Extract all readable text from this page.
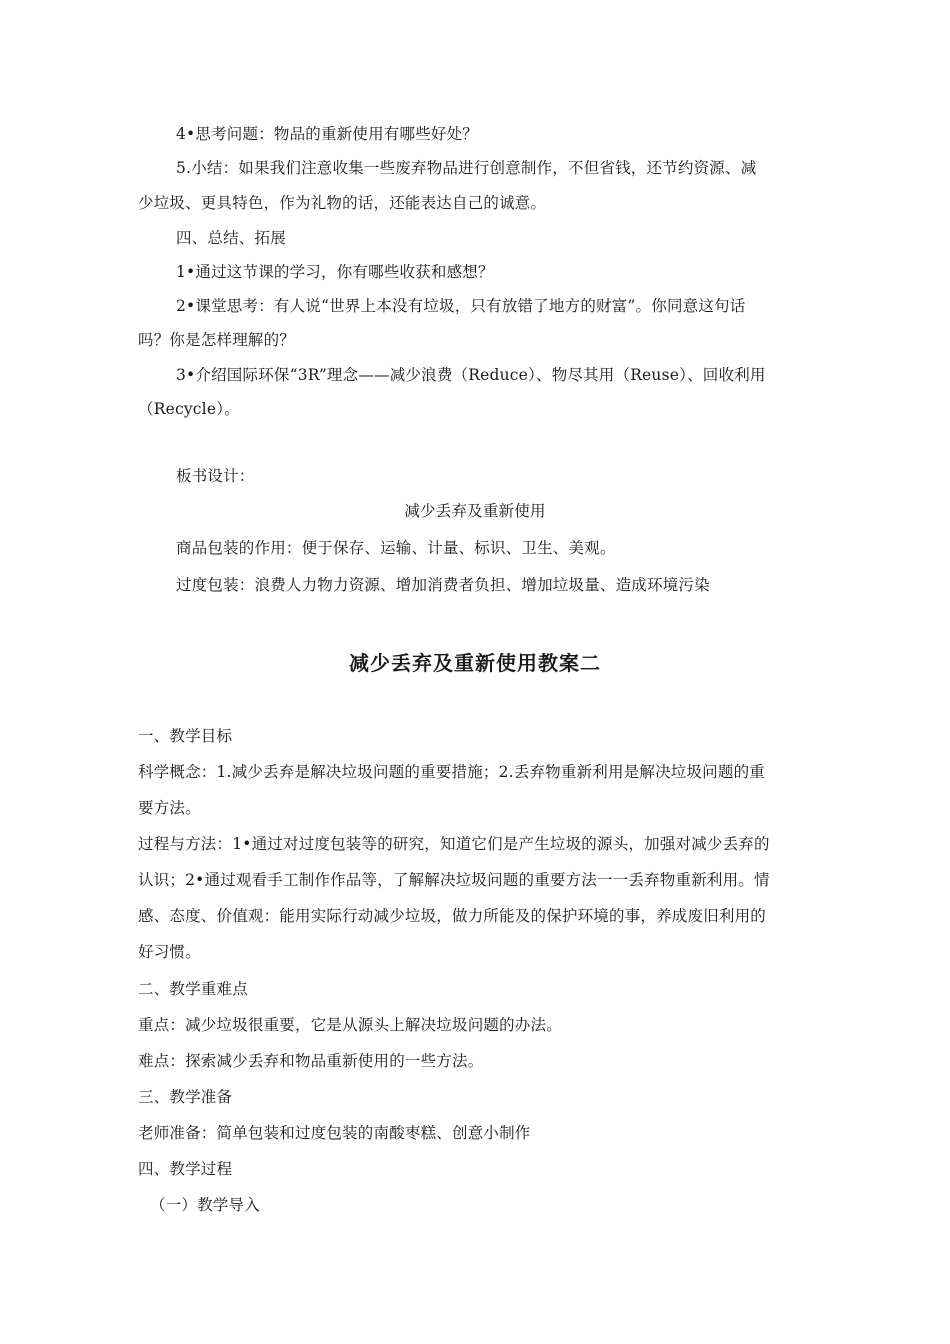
4•思考问题：物品的重新使用有哪些好处？
5.小结：如果我们注意收集一些废弃物品进行创意制作，不但省钱，还节约资源、减
少垃圾、更具特色，作为礼物的话，还能表达自己的诚意。
四、总结、拓展
1•通过这节课的学习，你有哪些收获和感想？
2•课堂思考：有人说“世界上本没有垃圾，只有放错了地方的财富”。你同意这句话
吗？你是怎样理解的？
3•介绍国际环保“3R”理念——减少浪费（Reduce）、物尽其用（Reuse）、回收利用
（Recycle）。
板书设计：
减少丢弃及重新使用
商品包装的作用：便于保存、运输、计量、标识、卫生、美观。
过度包装：浪费人力物力资源、增加消费者负担、增加垃圾量、造成环境污染
减少丢弃及重新使用教案二
一、教学目标
科学概念：1.减少丢弃是解决垃圾问题的重要措施；2.丢弃物重新利用是解决垃圾问题的重
要方法。
过程与方法：1•通过对过度包装等的研究，知道它们是产生垃圾的源头，加强对减少丢弃的
认识；2•通过观看手工制作作品等，了解解决垃圾问题的重要方法一一丢弃物重新利用。情
感、态度、价值观：能用实际行动减少垃圾，做力所能及的保护环境的事，养成废旧利用的
好习惯。
二、教学重难点
重点：减少垃圾很重要，它是从源头上解决垃圾问题的办法。
难点：探索减少丢弃和物品重新使用的一些方法。
三、教学准备
老师准备：简单包装和过度包装的南酸枣糕、创意小制作
四、教学过程
（一）教学导入
